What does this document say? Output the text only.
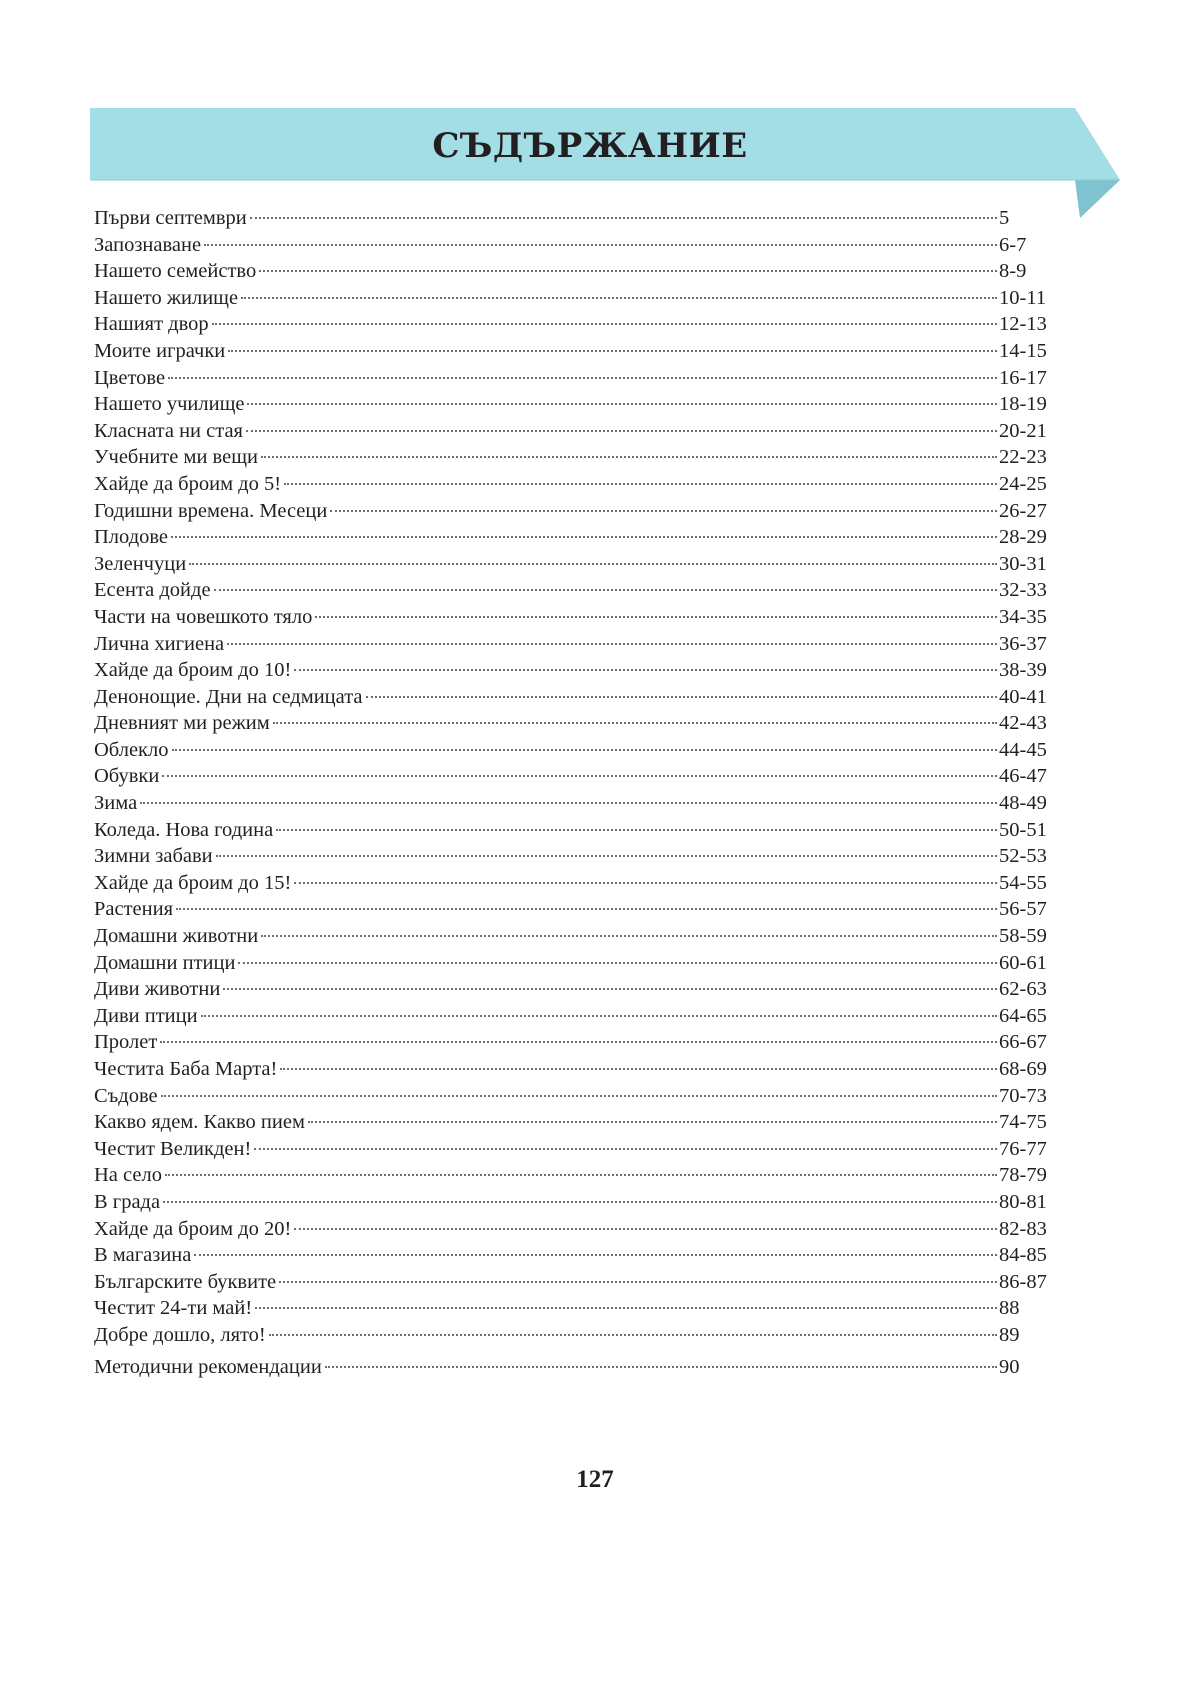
СЪДЪРЖАНИЕ
Първи септември	5
Запознаване	6-7
Нашето семейство	8-9
Нашето жилище	10-11
Нашият двор	12-13
Моите играчки	14-15
Цветове	16-17
Нашето училище	18-19
Класната ни стая	20-21
Учебните ми вещи	22-23
Хайде да броим до 5!	24-25
Годишни времена. Месеци	26-27
Плодове	28-29
Зеленчуци	30-31
Есента дойде	32-33
Части на човешкото тяло	34-35
Лична хигиена	36-37
Хайде да броим до 10!	38-39
Денонощие. Дни на седмицата	40-41
Дневният ми режим	42-43
Облекло	44-45
Обувки	46-47
Зима	48-49
Коледа. Нова година	50-51
Зимни забави	52-53
Хайде да броим до 15!	54-55
Растения	56-57
Домашни животни	58-59
Домашни птици	60-61
Диви животни	62-63
Диви птици	64-65
Пролет	66-67
Честита Баба Марта!	68-69
Съдове	70-73
Какво ядем. Какво пием	74-75
Честит Великден!	76-77
На село	78-79
В града	80-81
Хайде да броим до 20!	82-83
В магазина	84-85
Българските буквите	86-87
Честит 24-ти май!	88
Добре дошло, лято!	89
Методични рекомендации	90
127
